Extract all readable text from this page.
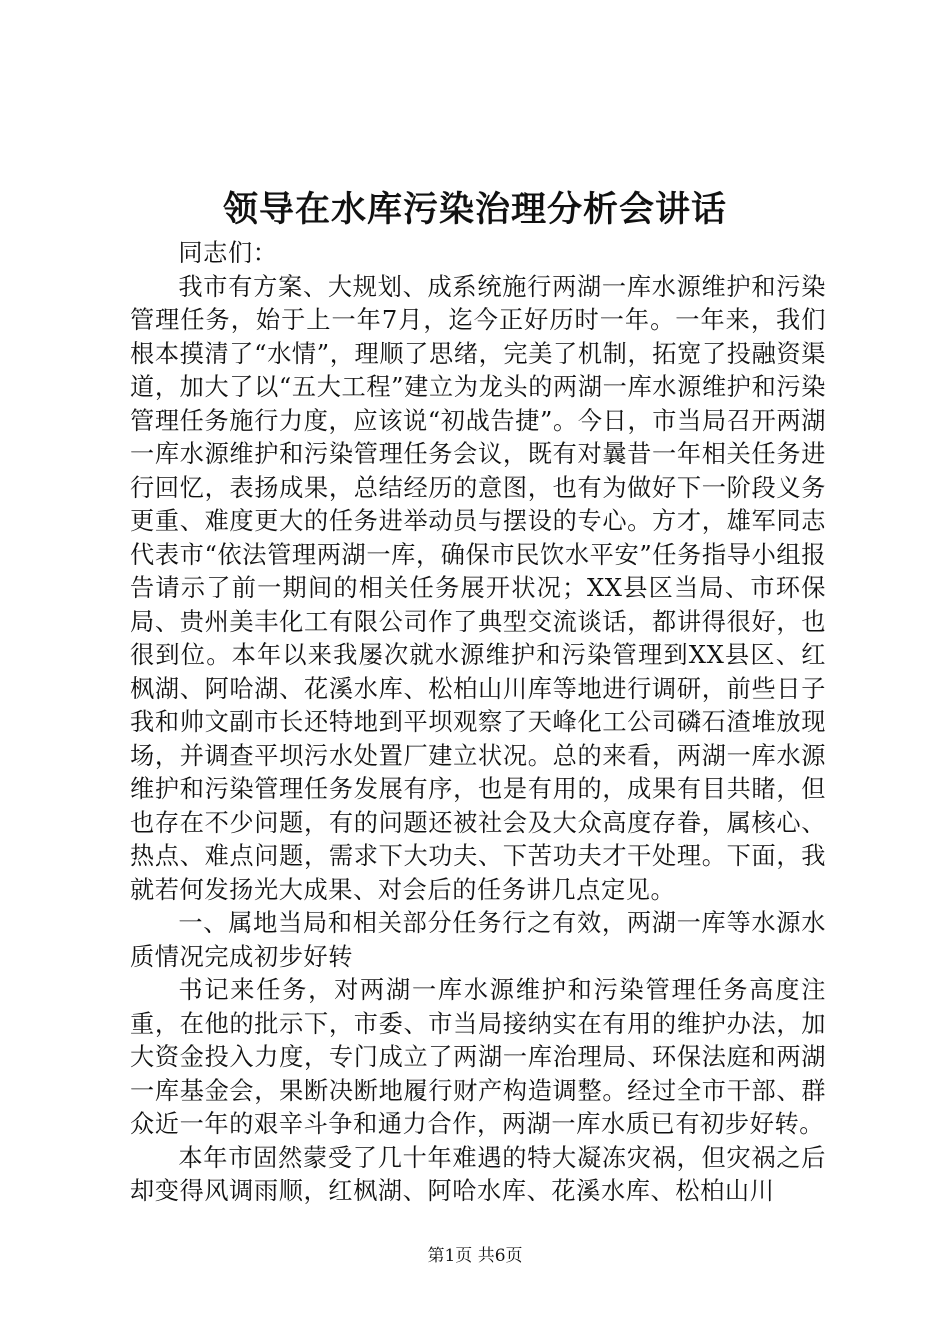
领导在水库污染治理分析会讲话

同志们：

我市有方案、大规划、成系统施行两湖一库水源维护和污染管理任务，始于上一年7月，迄今正好历时一年。一年来，我们根本摸清了“水情”，理顺了思绪，完美了机制，拓宽了投融资渠道，加大了以“五大工程”建立为龙头的两湖一库水源维护和污染管理任务施行力度，应该说“初战告捷”。今日，市当局召开两湖一库水源维护和污染管理任务会议，既有对曩昔一年相关任务进行回忆，表扬成果，总结经历的意图，也有为做好下一阶段义务更重、难度更大的任务进举动员与摆设的专心。方才，雄军同志代表市“依法管理两湖一库，确保市民饮水平安”任务指导小组报告请示了前一期间的相关任务展开状况；XX县区当局、市环保局、贵州美丰化工有限公司作了典型交流谈话，都讲得很好，也很到位。本年以来我屡次就水源维护和污染管理到XX县区、红枫湖、阿哈湖、花溪水库、松柏山川库等地进行调研，前些日子我和帅文副市长还特地到平坝观察了天峰化工公司磷石渣堆放现场，并调查平坝污水处置厂建立状况。总的来看，两湖一库水源维护和污染管理任务发展有序，也是有用的，成果有目共睹，但也存在不少问题，有的问题还被社会及大众高度存眷，属核心、热点、难点问题，需求下大功夫、下苦功夫才干处理。下面，我就若何发扬光大成果、对会后的任务讲几点定见。

一、属地当局和相关部分任务行之有效，两湖一库等水源水质情况完成初步好转

书记来任务，对两湖一库水源维护和污染管理任务高度注重，在他的批示下，市委、市当局接纳实在有用的维护办法，加大资金投入力度，专门成立了两湖一库治理局、环保法庭和两湖一库基金会，果断决断地履行财产构造调整。经过全市干部、群众近一年的艰辛斗争和通力合作，两湖一库水质已有初步好转。

本年市固然蒙受了几十年难遇的特大凝冻灾祸，但灾祸之后却变得风调雨顺，红枫湖、阿哈水库、花溪水库、松柏山川

第1页 共6页
